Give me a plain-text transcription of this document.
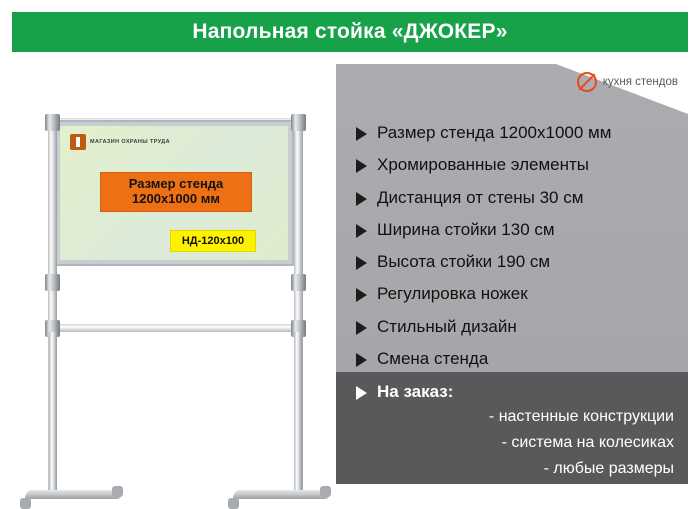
Напольная стойка «ДЖОКЕР»
МАГАЗИН ОХРАНЫ ТРУДА
Размер стенда
1200х1000 мм
НД-120х100
кухня стендов
Размер стенда 1200х1000 мм
Хромированные элементы
Дистанция от стены 30 см
Ширина стойки 130 см
Высота стойки 190 см
Регулировка ножек
Стильный дизайн
Смена стенда
На заказ:
- настенные конструкции
- система на колесиках
- любые размеры
